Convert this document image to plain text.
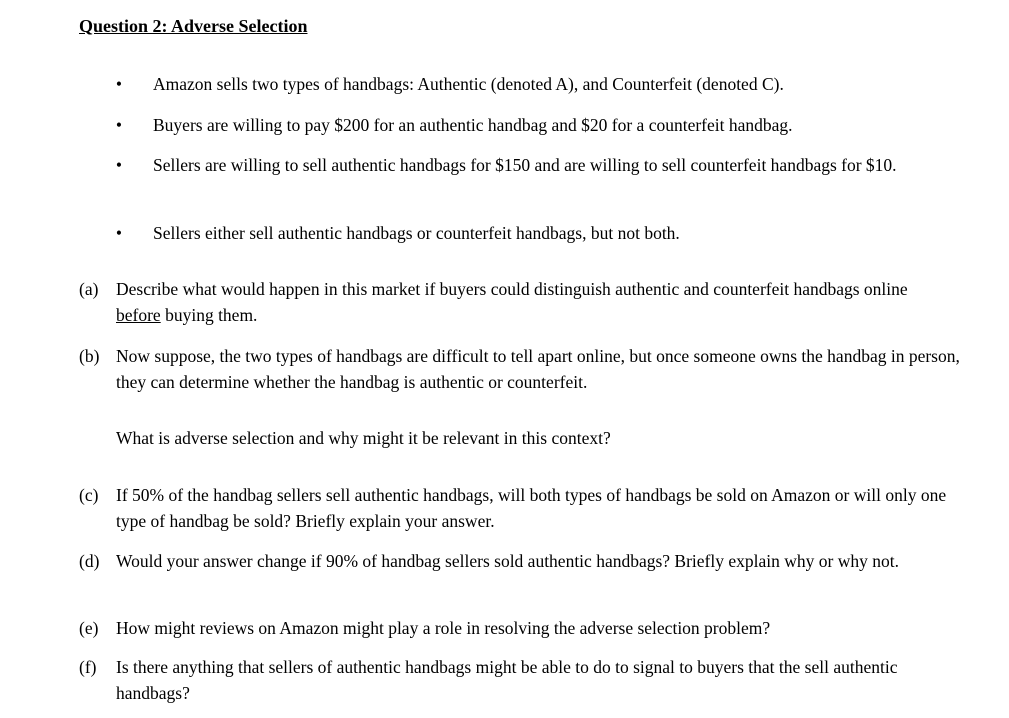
Question 2: Adverse Selection
• Amazon sells two types of handbags: Authentic (denoted A), and Counterfeit (denoted C).
• Buyers are willing to pay $200 for an authentic handbag and $20 for a counterfeit handbag.
• Sellers are willing to sell authentic handbags for $150 and are willing to sell counterfeit handbags for $10.
• Sellers either sell authentic handbags or counterfeit handbags, but not both.
(a) Describe what would happen in this market if buyers could distinguish authentic and counterfeit handbags online before buying them.
(b) Now suppose, the two types of handbags are difficult to tell apart online, but once someone owns the handbag in person, they can determine whether the handbag is authentic or counterfeit.
What is adverse selection and why might it be relevant in this context?
(c) If 50% of the handbag sellers sell authentic handbags, will both types of handbags be sold on Amazon or will only one type of handbag be sold? Briefly explain your answer.
(d) Would your answer change if 90% of handbag sellers sold authentic handbags? Briefly explain why or why not.
(e) How might reviews on Amazon might play a role in resolving the adverse selection problem?
(f) Is there anything that sellers of authentic handbags might be able to do to signal to buyers that the sell authentic handbags?
